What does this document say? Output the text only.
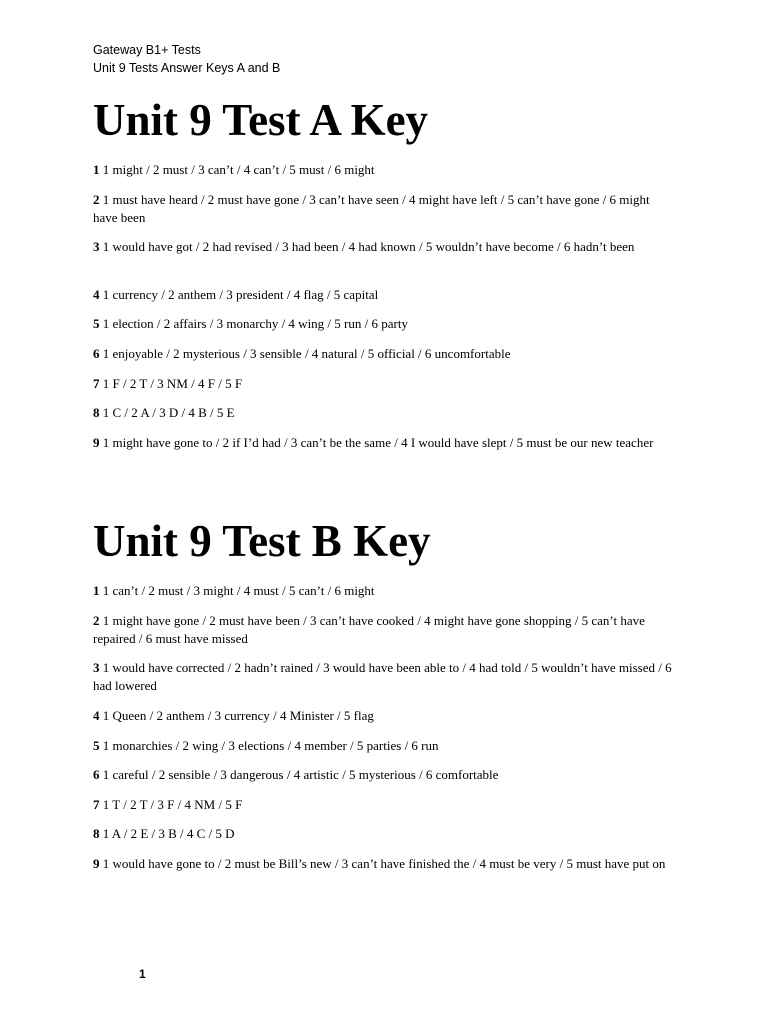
Gateway B1+ Tests
Unit 9 Tests Answer Keys A and B
Unit 9 Test A Key
1 1 might / 2 must / 3 can’t / 4 can’t / 5 must / 6 might
2 1 must have heard / 2 must have gone / 3 can’t have seen / 4 might have left / 5 can’t have gone / 6 might have been
3 1 would have got / 2 had revised / 3 had been / 4 had known / 5 wouldn’t have become / 6 hadn’t been
4 1 currency / 2 anthem / 3 president / 4 flag / 5 capital
5 1 election / 2 affairs / 3 monarchy / 4 wing / 5 run / 6 party
6 1 enjoyable / 2 mysterious / 3 sensible / 4 natural / 5 official / 6 uncomfortable
7 1 F / 2 T / 3 NM / 4 F / 5 F
8 1 C / 2 A / 3 D / 4 B / 5 E
9 1 might have gone to / 2 if I’d had / 3 can’t be the same / 4 I would have slept / 5 must be our new teacher
Unit 9 Test B Key
1 1 can’t / 2 must / 3 might / 4 must / 5 can’t / 6 might
2 1 might have gone / 2 must have been / 3 can’t have cooked / 4 might have gone shopping / 5 can’t have repaired / 6 must have missed
3 1 would have corrected / 2 hadn’t rained / 3 would have been able to / 4 had told / 5 wouldn’t have missed / 6 had lowered
4 1 Queen / 2 anthem / 3 currency / 4 Minister / 5 flag
5 1 monarchies / 2 wing / 3 elections / 4 member / 5 parties / 6 run
6 1 careful / 2 sensible / 3 dangerous / 4 artistic / 5 mysterious / 6 comfortable
7 1 T / 2 T / 3 F / 4 NM / 5 F
8 1 A / 2 E / 3 B / 4 C / 5 D
9 1 would have gone to / 2 must be Bill’s new / 3 can’t have finished the / 4 must be very / 5 must have put on
1
